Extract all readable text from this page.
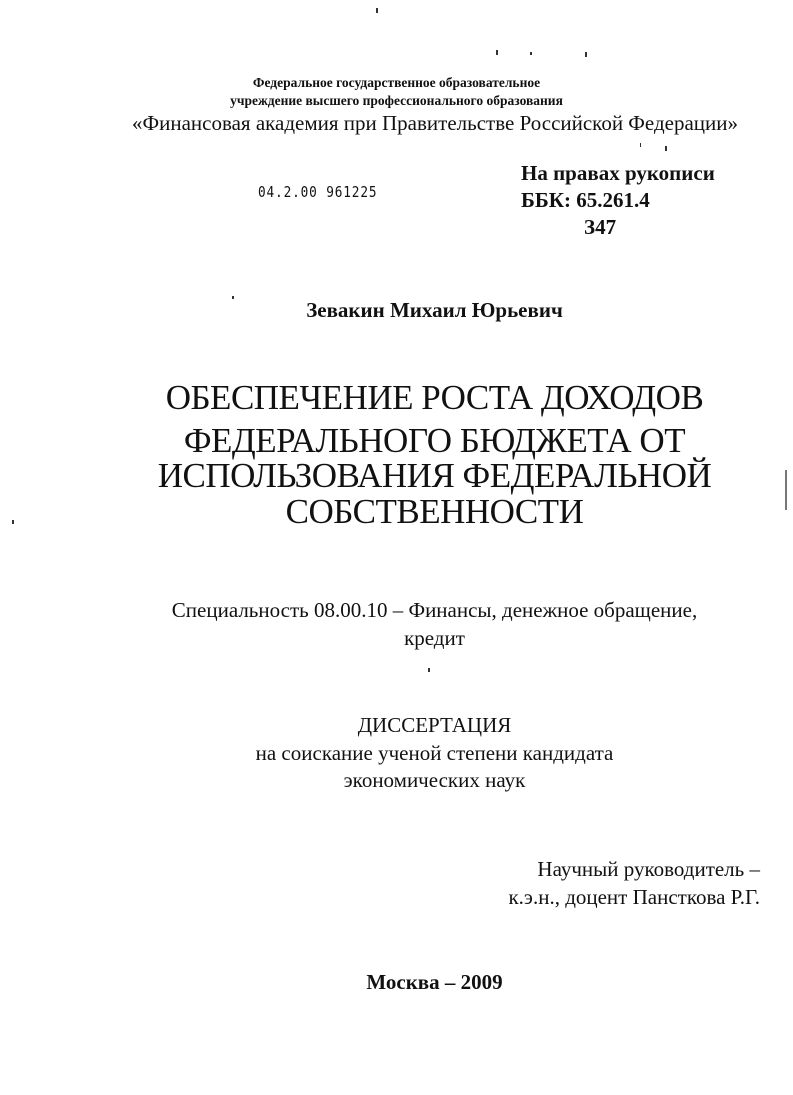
Федеральное государственное образовательное
учреждение высшего профессионального образования
«Финансовая академия при Правительстве Российской Федерации»
04.2.00 961225
На правах рукописи
ББК: 65.261.4
З47
Зевакин Михаил Юрьевич
ОБЕСПЕЧЕНИЕ РОСТА ДОХОДОВ
ФЕДЕРАЛЬНОГО БЮДЖЕТА ОТ
ИСПОЛЬЗОВАНИЯ ФЕДЕРАЛЬНОЙ
СОБСТВЕННОСТИ
Специальность 08.00.10 – Финансы, денежное обращение,
кредит
ДИССЕРТАЦИЯ
на соискание ученой степени кандидата
экономических наук
Научный руководитель –
к.э.н., доцент Пансткова Р.Г.
Москва – 2009
